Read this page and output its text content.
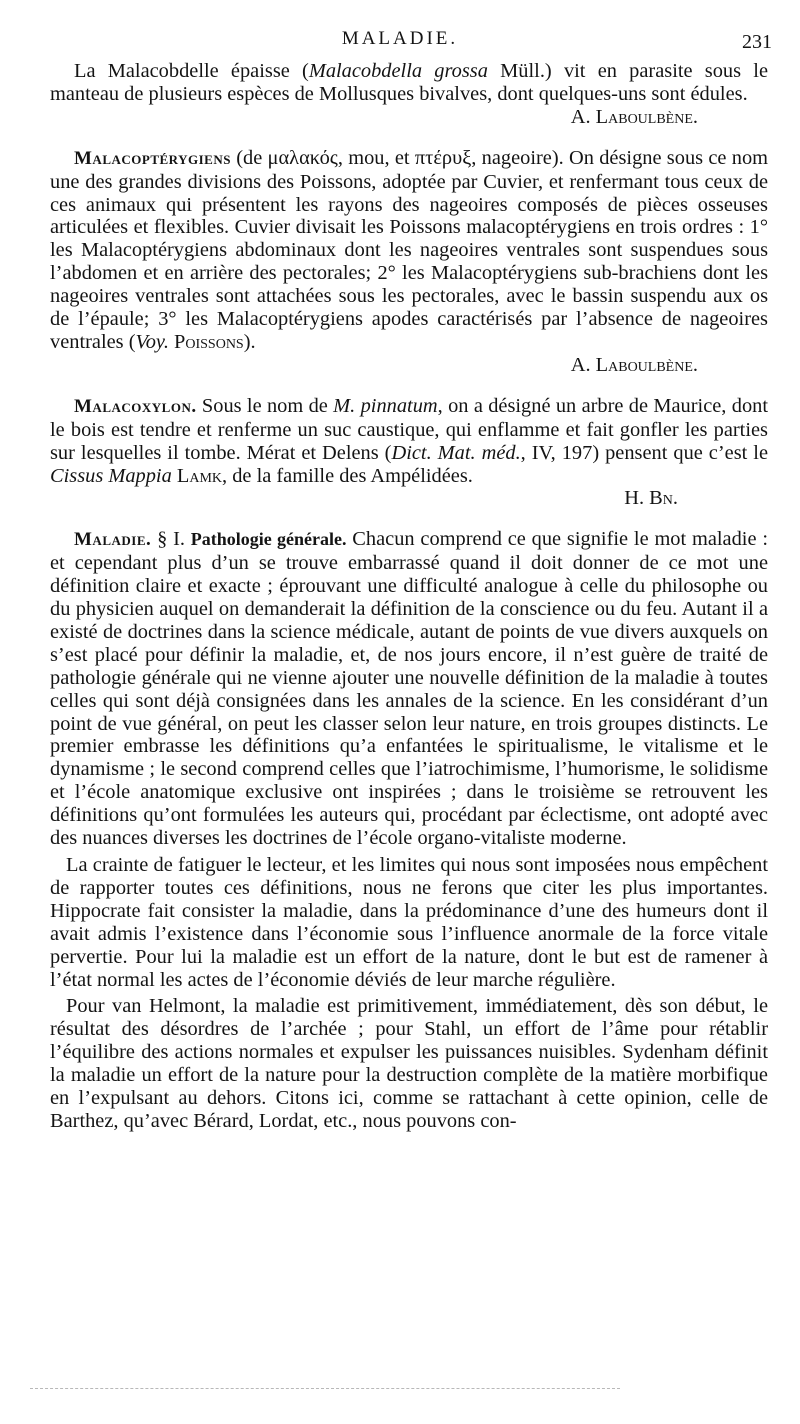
MALADIE.	231

La Malacobdelle épaisse (Malacobdella grossa Müll.) vit en parasite sous le manteau de plusieurs espèces de Mollusques bivalves, dont quelques-uns sont édules.

A. Laboulbène.

Malacoptérygiens (de μαλακός, mou, et πτέρυξ, nageoire). On désigne sous ce nom une des grandes divisions des Poissons, adoptée par Cuvier, et renfermant tous ceux de ces animaux qui présentent les rayons des nageoires composés de pièces osseuses articulées et flexibles. Cuvier divisait les Poissons malacoptérygiens en trois ordres : 1° les Malacoptérygiens abdominaux dont les nageoires ventrales sont suspendues sous l’abdomen et en arrière des pectorales; 2° les Malacoptérygiens sub-brachiens dont les nageoires ventrales sont attachées sous les pectorales, avec le bassin suspendu aux os de l’épaule; 3° les Malacoptérygiens apodes caractérisés par l’absence de nageoires ventrales (Voy. Poissons).

A. Laboulbène.

Malacoxylon. Sous le nom de M. pinnatum, on a désigné un arbre de Maurice, dont le bois est tendre et renferme un suc caustique, qui enflamme et fait gonfler les parties sur lesquelles il tombe. Mérat et Delens (Dict. Mat. méd., IV, 197) pensent que c’est le Cissus Mappia Lamk, de la famille des Ampélidées.

H. Bn.

Maladie. § I. Pathologie générale. Chacun comprend ce que signifie le mot maladie : et cependant plus d’un se trouve embarrassé quand il doit donner de ce mot une définition claire et exacte ; éprouvant une difficulté analogue à celle du philosophe ou du physicien auquel on demanderait la définition de la conscience ou du feu. Autant il a existé de doctrines dans la science médicale, autant de points de vue divers auxquels on s’est placé pour définir la maladie, et, de nos jours encore, il n’est guère de traité de pathologie générale qui ne vienne ajouter une nouvelle définition de la maladie à toutes celles qui sont déjà consignées dans les annales de la science. En les considérant d’un point de vue général, on peut les classer selon leur nature, en trois groupes distincts. Le premier embrasse les définitions qu’a enfantées le spiritualisme, le vitalisme et le dynamisme ; le second comprend celles que l’iatrochimisme, l’humorisme, le solidisme et l’école anatomique exclusive ont inspirées ; dans le troisième se retrouvent les définitions qu’ont formulées les auteurs qui, procédant par éclectisme, ont adopté avec des nuances diverses les doctrines de l’école organo-vitaliste moderne.

La crainte de fatiguer le lecteur, et les limites qui nous sont imposées nous empêchent de rapporter toutes ces définitions, nous ne ferons que citer les plus importantes. Hippocrate fait consister la maladie, dans la prédominance d’une des humeurs dont il avait admis l’existence dans l’économie sous l’influence anormale de la force vitale pervertie. Pour lui la maladie est un effort de la nature, dont le but est de ramener à l’état normal les actes de l’économie déviés de leur marche régulière.

Pour van Helmont, la maladie est primitivement, immédiatement, dès son début, le résultat des désordres de l’archée ; pour Stahl, un effort de l’âme pour rétablir l’équilibre des actions normales et expulser les puissances nuisibles. Sydenham définit la maladie un effort de la nature pour la destruction complète de la matière morbifique en l’expulsant au dehors. Citons ici, comme se rattachant à cette opinion, celle de Barthez, qu’avec Bérard, Lordat, etc., nous pouvons con-
